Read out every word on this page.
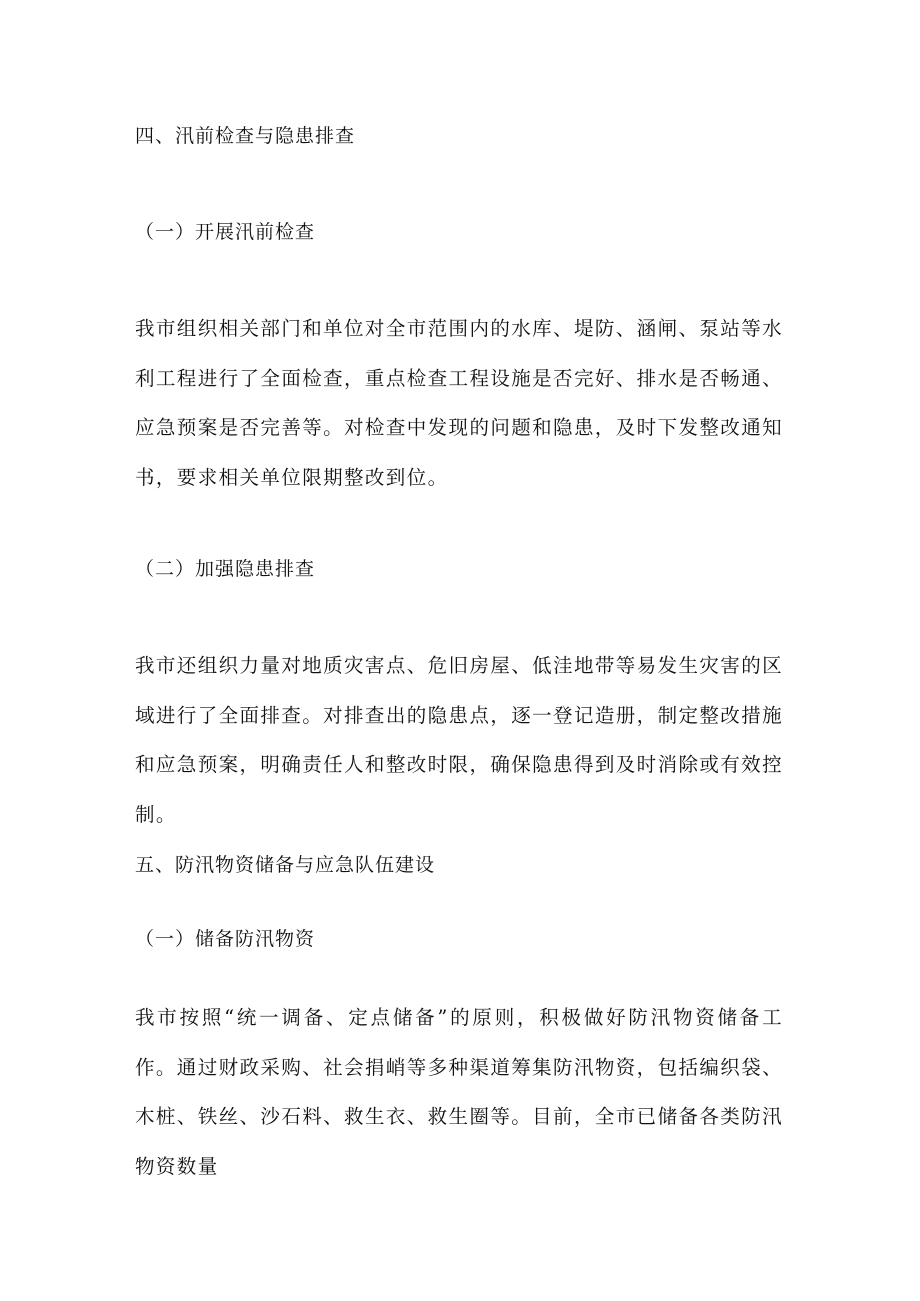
四、汛前检查与隐患排查
（一）开展汛前检查

我市组织相关部门和单位对全市范围内的水库、堤防、涵闸、泵站等水利工程进行了全面检查，重点检查工程设施是否完好、排水是否畅通、应急预案是否完善等。对检查中发现的问题和隐患，及时下发整改通知书，要求相关单位限期整改到位。

（二）加强隐患排查

我市还组织力量对地质灾害点、危旧房屋、低洼地带等易发生灾害的区域进行了全面排查。对排查出的隐患点，逐一登记造册，制定整改措施和应急预案，明确责任人和整改时限，确保隐患得到及时消除或有效控制。

五、防汛物资储备与应急队伍建设
（一）储备防汛物资

我市按照“统一调备、定点储备”的原则，积极做好防汛物资储备工作。通过财政采购、社会捐峭等多种渠道筹集防汛物资，包括编织袋、木桩、铁丝、沙石料、救生衣、救生圈等。目前，全市已储备各类防汛物资数量
